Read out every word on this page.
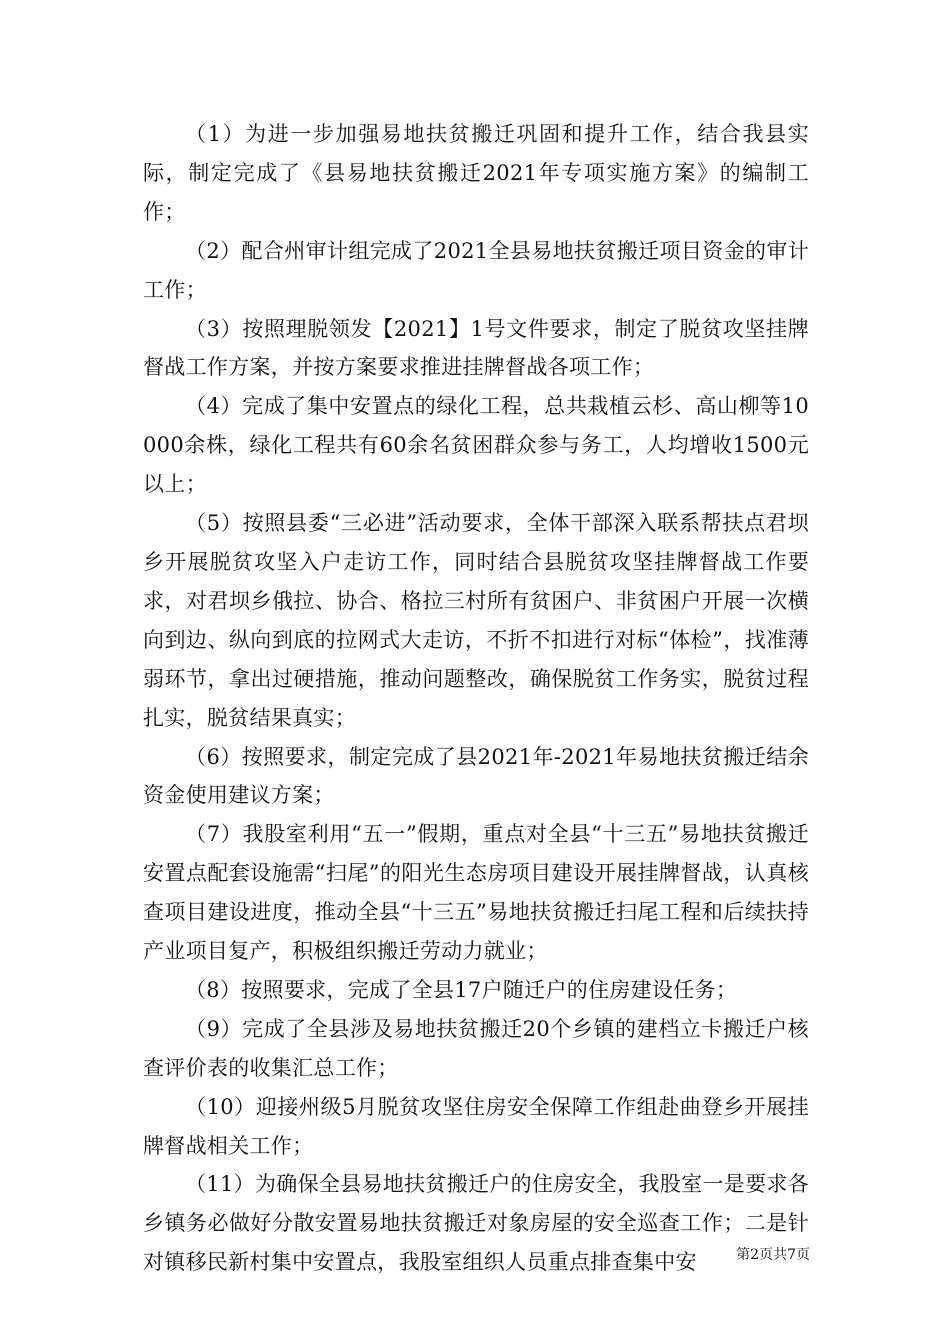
（1）为进一步加强易地扶贫搬迁巩固和提升工作，结合我县实际，制定完成了《县易地扶贫搬迁2021年专项实施方案》的编制工作；

（2）配合州审计组完成了2021全县易地扶贫搬迁项目资金的审计工作；

（3）按照理脱领发【2021】1号文件要求，制定了脱贫攻坚挂牌督战工作方案，并按方案要求推进挂牌督战各项工作；

（4）完成了集中安置点的绿化工程，总共栽植云杉、高山柳等10000余株，绿化工程共有60余名贫困群众参与务工，人均增收1500元以上；

（5）按照县委“三必进”活动要求，全体干部深入联系帮扶点君坝乡开展脱贫攻坚入户走访工作，同时结合县脱贫攻坚挂牌督战工作要求，对君坝乡俄拉、协合、格拉三村所有贫困户、非贫困户开展一次横向到边、纵向到底的拉网式大走访，不折不扣进行对标“体检”，找准薄弱环节，拿出过硬措施，推动问题整改，确保脱贫工作务实，脱贫过程扎实，脱贫结果真实；

（6）按照要求，制定完成了县2021年-2021年易地扶贫搬迁结余资金使用建议方案；

（7）我股室利用“五一”假期，重点对全县“十三五”易地扶贫搬迁安置点配套设施需“扫尾”的阳光生态房项目建设开展挂牌督战，认真核查项目建设进度，推动全县“十三五”易地扶贫搬迁扫尾工程和后续扶持产业项目复产，积极组织搬迁劳动力就业；

（8）按照要求，完成了全县17户随迁户的住房建设任务；

（9）完成了全县涉及易地扶贫搬迁20个乡镇的建档立卡搬迁户核查评价表的收集汇总工作；

（10）迎接州级5月脱贫攻坚住房安全保障工作组赴曲登乡开展挂牌督战相关工作；

（11）为确保全县易地扶贫搬迁户的住房安全，我股室一是要求各乡镇务必做好分散安置易地扶贫搬迁对象房屋的安全巡查工作；二是针对镇移民新村集中安置点，我股室组织人员重点排查集中安	第2页共7页
